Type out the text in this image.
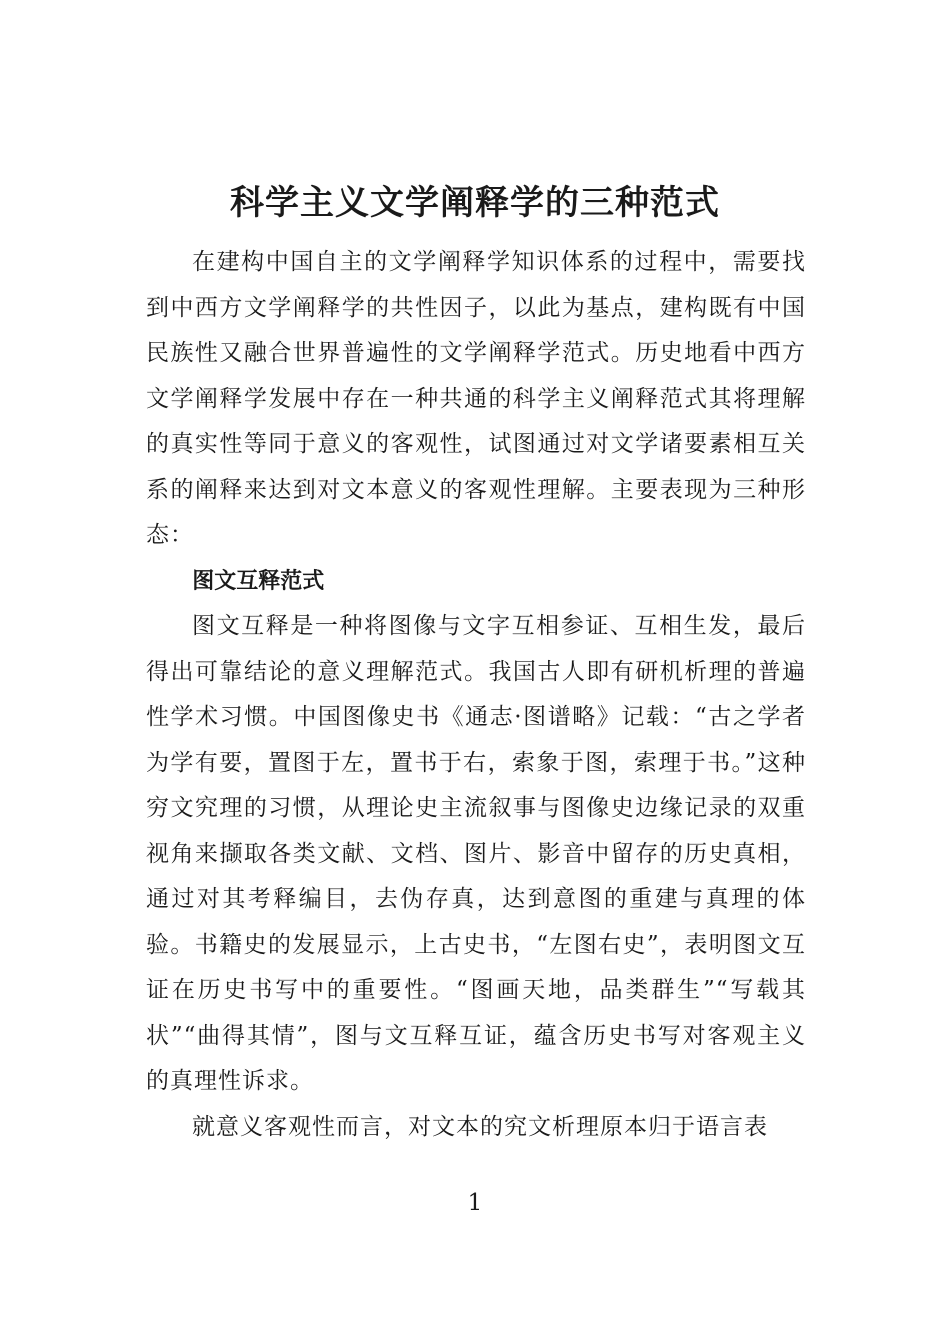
科学主义文学阐释学的三种范式

在建构中国自主的文学阐释学知识体系的过程中，需要找到中西方文学阐释学的共性因子，以此为基点，建构既有中国民族性又融合世界普遍性的文学阐释学范式。历史地看中西方文学阐释学发展中存在一种共通的科学主义阐释范式其将理解的真实性等同于意义的客观性，试图通过对文学诸要素相互关系的阐释来达到对文本意义的客观性理解。主要表现为三种形态：

图文互释范式

图文互释是一种将图像与文字互相参证、互相生发，最后得出可靠结论的意义理解范式。我国古人即有研机析理的普遍性学术习惯。中国图像史书《通志·图谱略》记载：“古之学者为学有要，置图于左，置书于右，索象于图，索理于书。”这种穷文究理的习惯，从理论史主流叙事与图像史边缘记录的双重视角来撷取各类文献、文档、图片、影音中留存的历史真相，通过对其考释编目，去伪存真，达到意图的重建与真理的体验。书籍史的发展显示，上古史书，“左图右史”，表明图文互证在历史书写中的重要性。“图画天地，品类群生”“写载其状”“曲得其情”，图与文互释互证，蕴含历史书写对客观主义的真理性诉求。

就意义客观性而言，对文本的究文析理原本归于语言表

1
